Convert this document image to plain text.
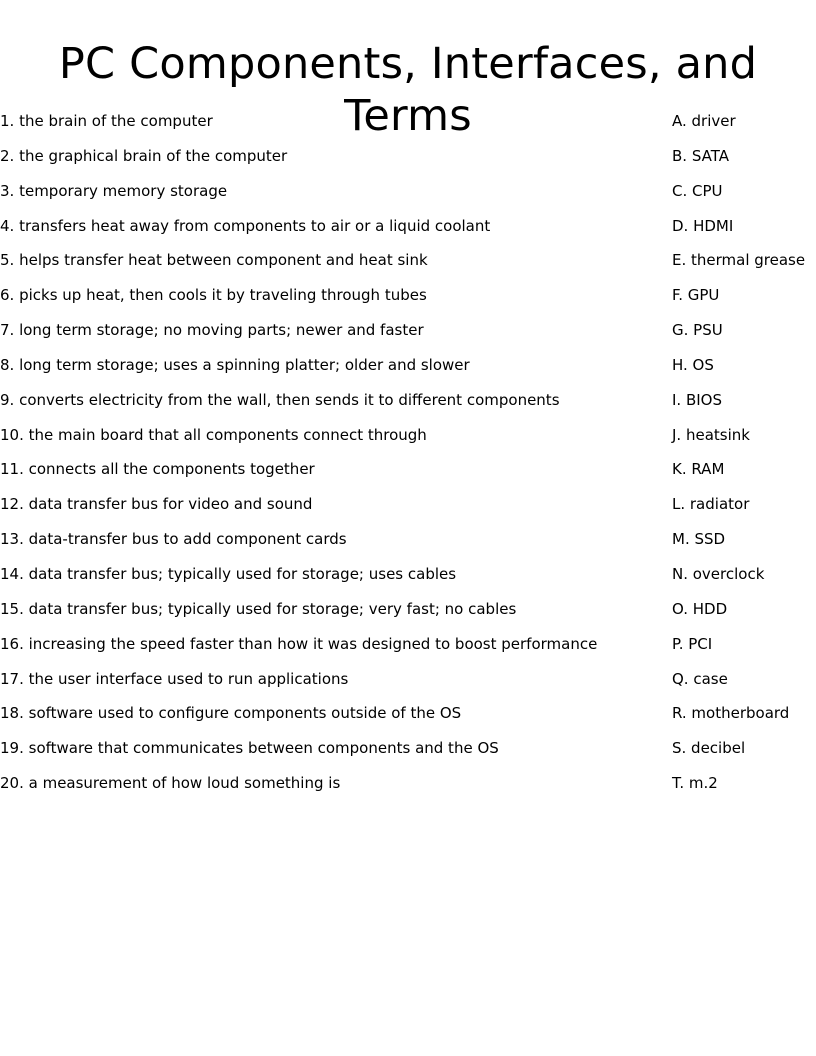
PC Components, Interfaces, and Terms
1. the brain of the computer	A. driver
2. the graphical brain of the computer	B. SATA
3. temporary memory storage	C. CPU
4. transfers heat away from components to air or a liquid coolant	D. HDMI
5. helps transfer heat between component and heat sink	E. thermal grease
6. picks up heat, then cools it by traveling through tubes	F. GPU
7. long term storage; no moving parts; newer and faster	G. PSU
8. long term storage; uses a spinning platter; older and slower	H. OS
9. converts electricity from the wall, then sends it to different components	I. BIOS
10. the main board that all components connect through	J. heatsink
11. connects all the components together	K. RAM
12. data transfer bus for video and sound	L. radiator
13. data-transfer bus to add component cards	M. SSD
14. data transfer bus; typically used for storage; uses cables	N. overclock
15. data transfer bus; typically used for storage; very fast; no cables	O. HDD
16. increasing the speed faster than how it was designed to boost performance	P. PCI
17. the user interface used to run applications	Q. case
18. software used to configure components outside of the OS	R. motherboard
19. software that communicates between components and the OS	S. decibel
20. a measurement of how loud something is	T. m.2
